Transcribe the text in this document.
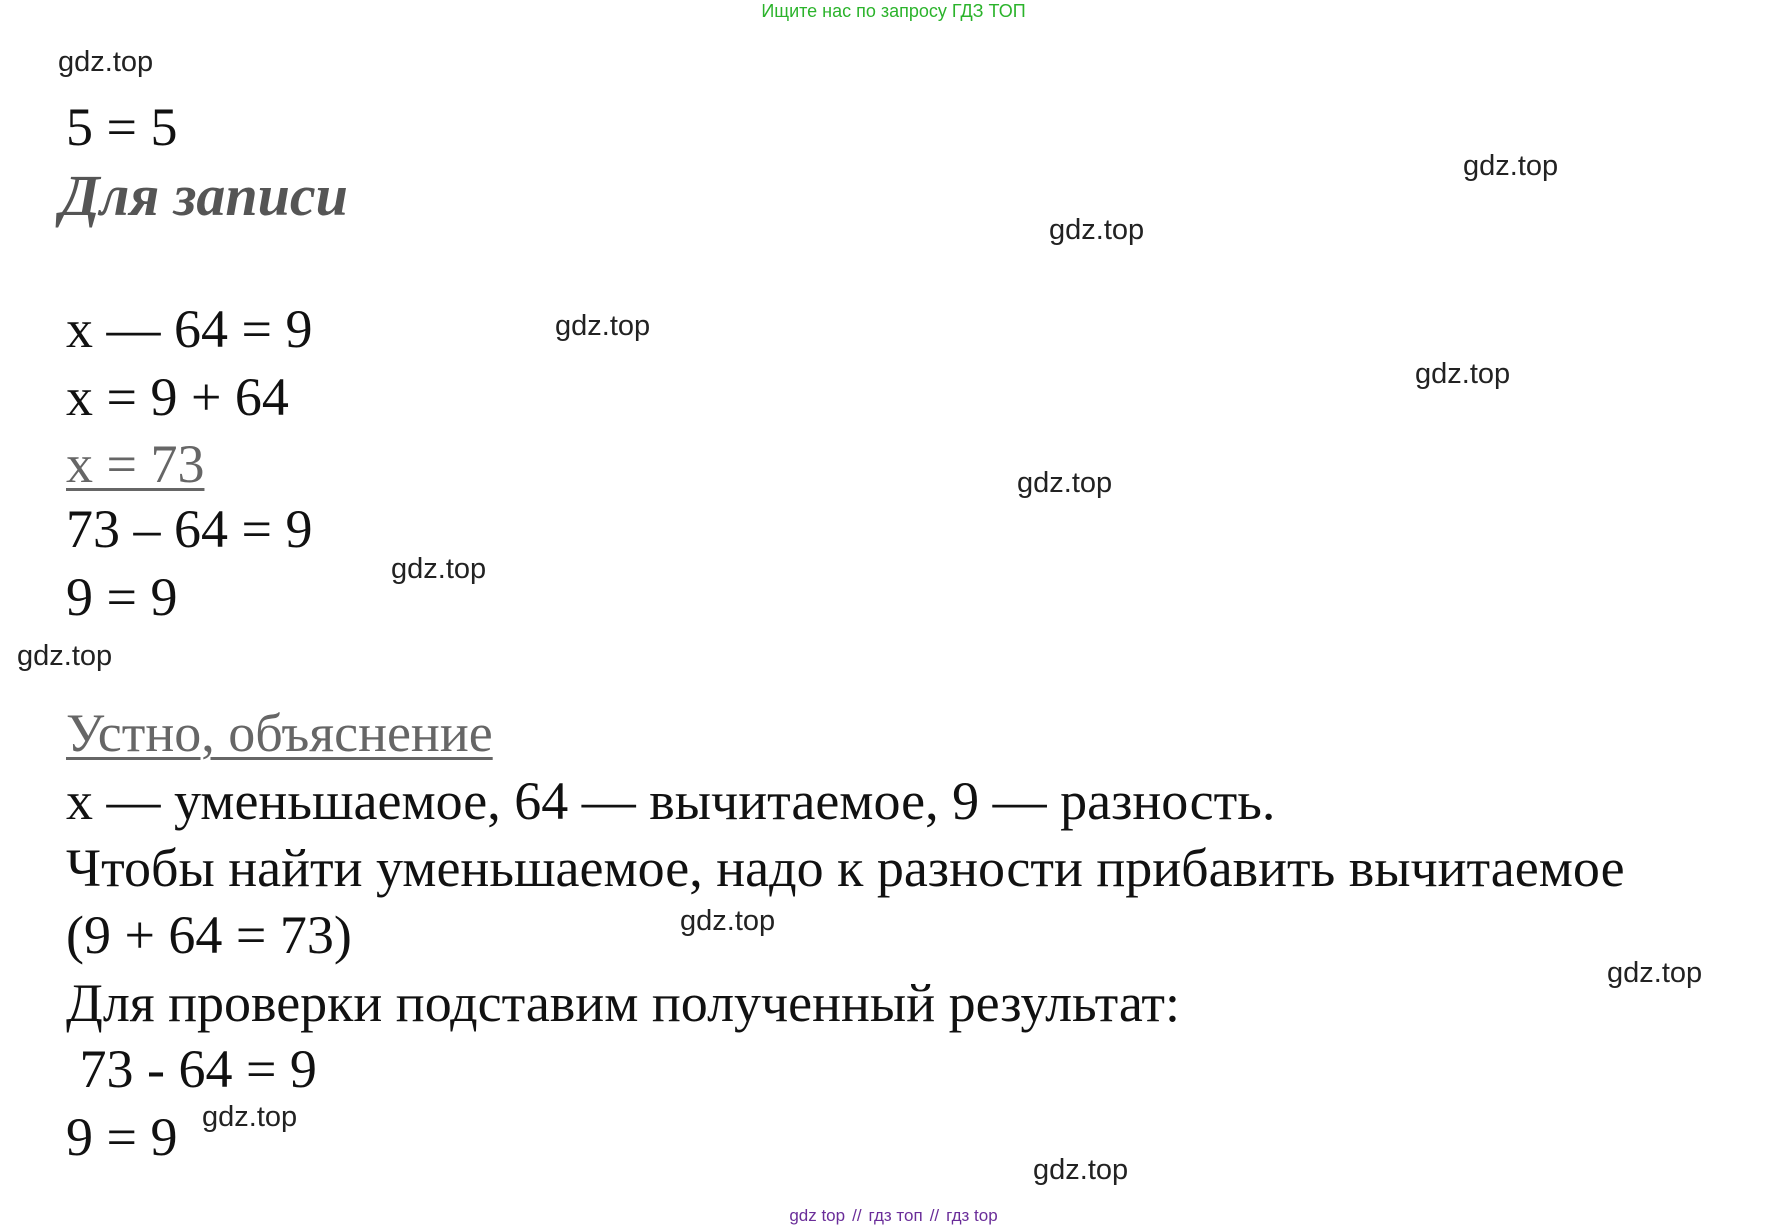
Ищите нас по запросу ГДЗ ТОП
gdz.top
gdz.top
gdz.top
gdz.top
gdz.top
gdz.top
gdz.top
gdz.top
gdz.top
gdz.top
gdz.top
gdz.top
5 = 5
Для записи
x — 64 = 9
x = 9 + 64
x = 73
73 – 64 = 9
9 = 9
Устно, объяснение
x — уменьшаемое, 64 — вычитаемое, 9 — разность.
Чтобы найти уменьшаемое, надо к разности прибавить вычитаемое
(9 + 64 = 73)
Для проверки подставим полученный результат:
73 - 64 = 9
9 = 9
gdz top // гдз топ // гдз top
